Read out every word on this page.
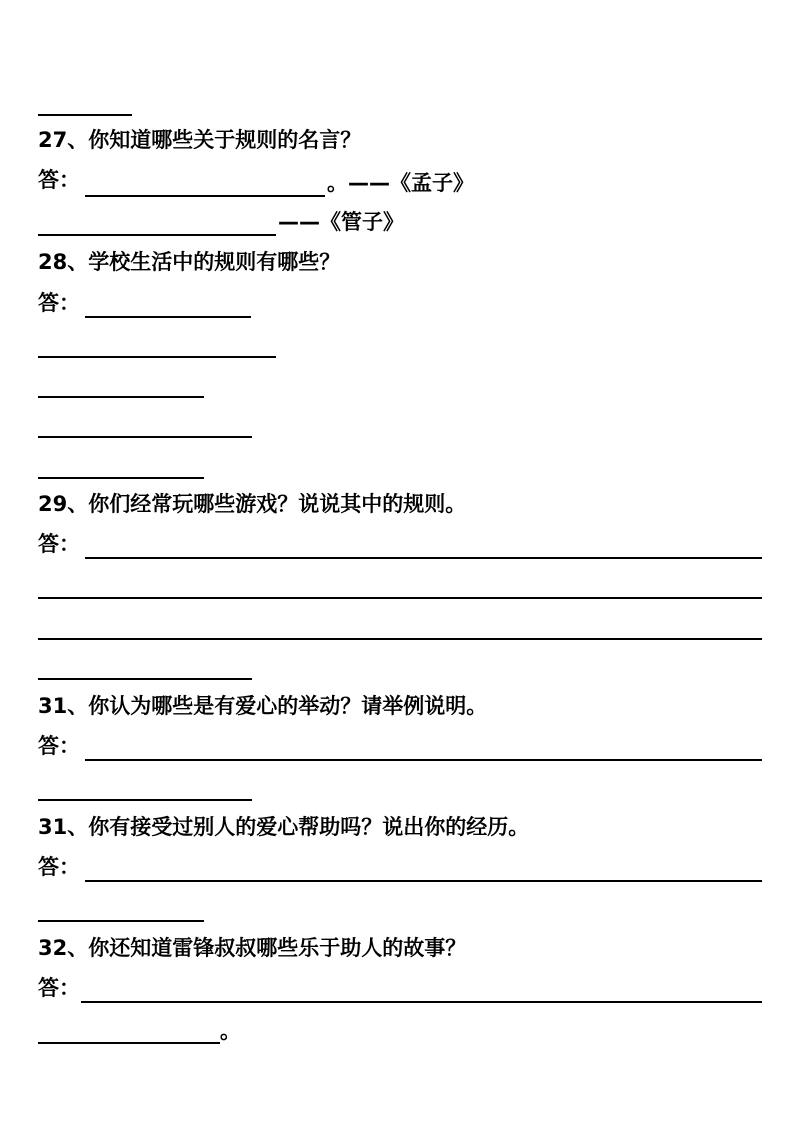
27、你知道哪些关于规则的名言？
答：	。——《孟子》
——《管子》
28、学校生活中的规则有哪些？
答：
29、你们经常玩哪些游戏？说说其中的规则。
答：
31、你认为哪些是有爱心的举动？请举例说明。
答：
31、你有接受过别人的爱心帮助吗？说出你的经历。
答：
32、你还知道雷锋叔叔哪些乐于助人的故事？
答：
。
